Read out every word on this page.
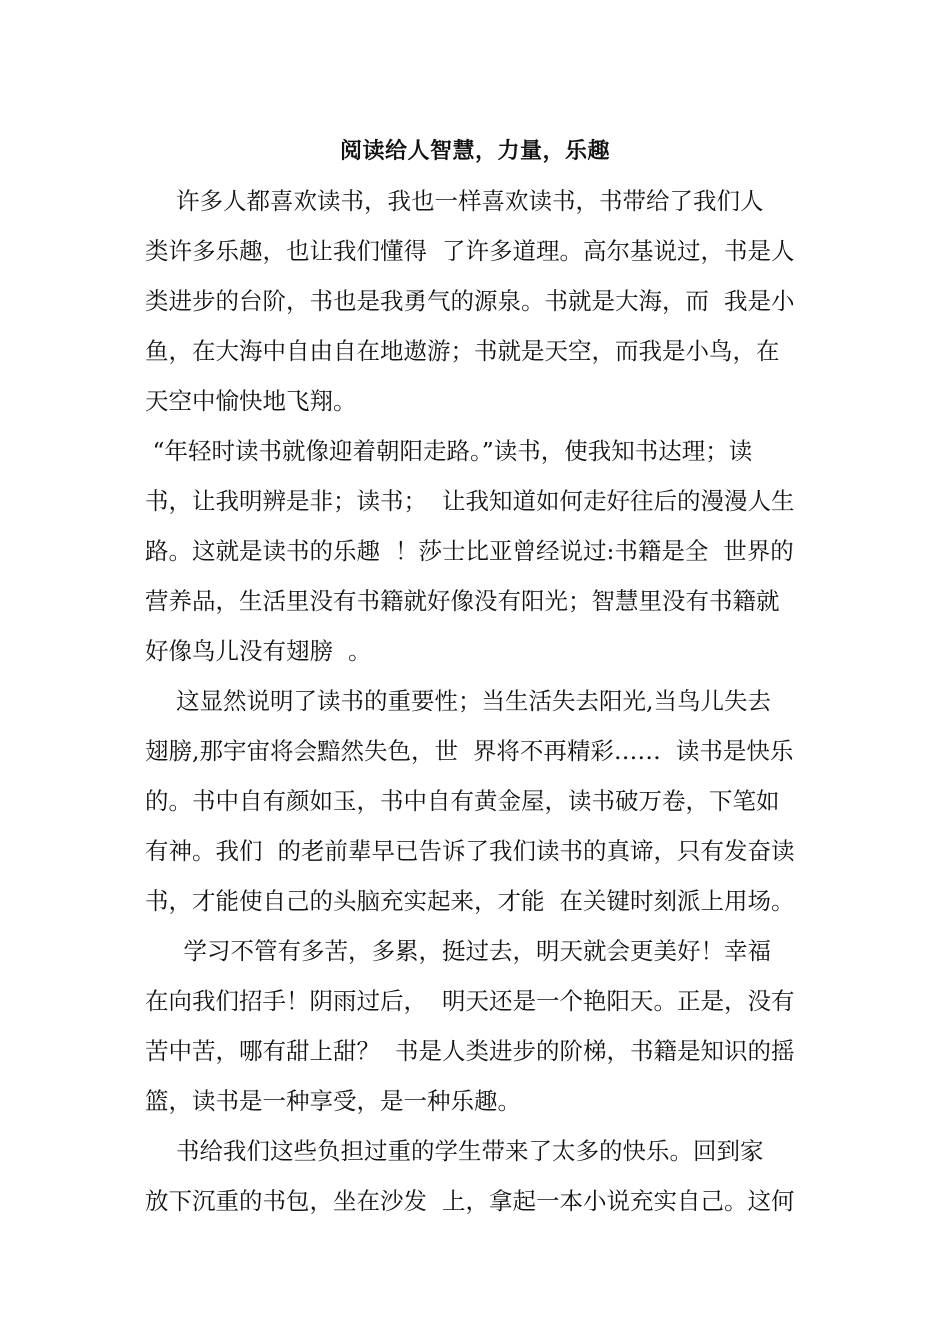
阅读给人智慧，力量，乐趣
　 许多人都喜欢读书，我也一样喜欢读书，书带给了我们人
类许多乐趣，也让我们懂得  了许多道理。高尔基说过，书是人
类进步的台阶，书也是我勇气的源泉。书就是大海，而  我是小
鱼，在大海中自由自在地遨游；书就是天空，而我是小鸟，在
天空中愉快地飞翔。
“年轻时读书就像迎着朝阳走路。”读书，使我知书达理；读
书，让我明辨是非；读书；  让我知道如何走好往后的漫漫人生
路。这就是读书的乐趣  ！莎士比亚曾经说过:书籍是全  世界的
营养品，生活里没有书籍就好像没有阳光；智慧里没有书籍就
好像鸟儿没有翅膀  。
　 这显然说明了读书的重要性；当生活失去阳光,当鸟儿失去
翅膀,那宇宙将会黯然失色，世  界将不再精彩……  读书是快乐
的。书中自有颜如玉，书中自有黄金屋，读书破万卷，下笔如
有神。我们  的老前辈早已告诉了我们读书的真谛，只有发奋读
书，才能使自己的头脑充实起来，才能  在关键时刻派上用场。
　  学习不管有多苦，多累，挺过去，明天就会更美好！幸福
在向我们招手！阴雨过后，  明天还是一个艳阳天。正是，没有
苦中苦，哪有甜上甜？  书是人类进步的阶梯，书籍是知识的摇
篮，读书是一种享受，是一种乐趣。
　 书给我们这些负担过重的学生带来了太多的快乐。回到家
放下沉重的书包，坐在沙发  上，拿起一本小说充实自己。这何
